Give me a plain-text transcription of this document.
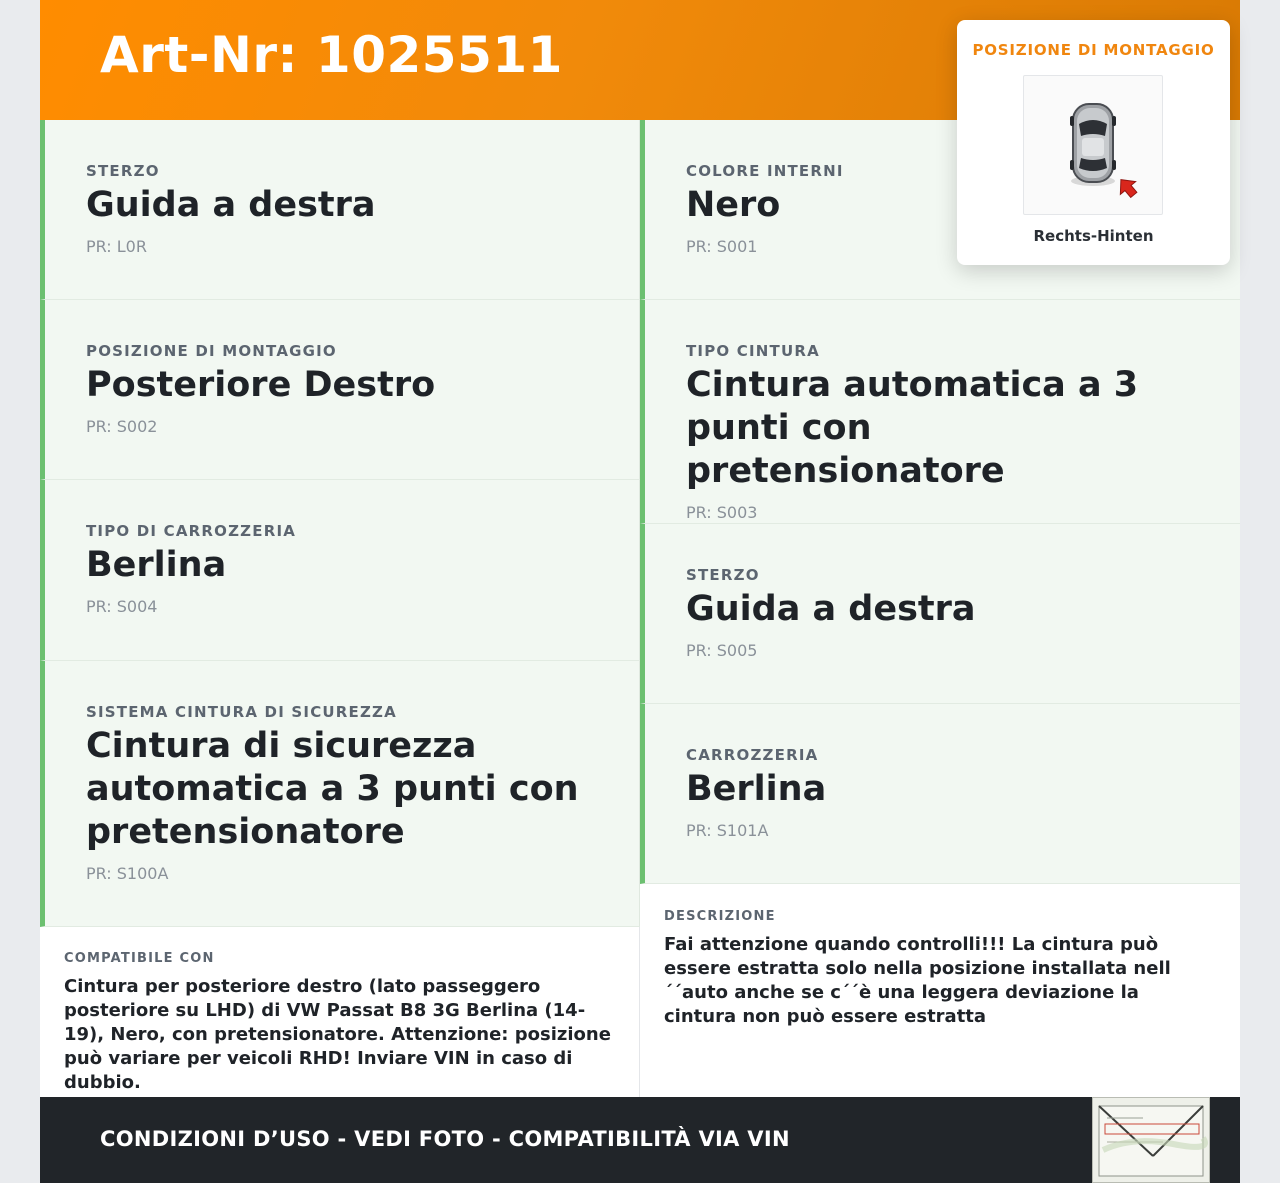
Art-Nr: 1025511
STERZO
Guida a destra
PR: L0R
POSIZIONE DI MONTAGGIO
Posteriore Destro
PR: S002
TIPO DI CARROZZERIA
Berlina
PR: S004
SISTEMA CINTURA DI SICUREZZA
Cintura di sicurezza automatica a 3 punti con pretensionatore
PR: S100A
COLORE INTERNI
Nero
PR: S001
TIPO CINTURA
Cintura automatica a 3 punti con pretensionatore
PR: S003
STERZO
Guida a destra
PR: S005
CARROZZERIA
Berlina
PR: S101A
COMPATIBILE CON
Cintura per posteriore destro (lato passeggero posteriore su LHD) di VW Passat B8 3G Berlina (14-19), Nero, con pretensionatore. Attenzione: posizione può variare per veicoli RHD! Inviare VIN in caso di dubbio.
DESCRIZIONE
Fai attenzione quando controlli!!! La cintura può essere estratta solo nella posizione installata nell´´auto anche se c´´è una leggera deviazione la cintura non può essere estratta
CONDIZIONI D’USO - VEDI FOTO - COMPATIBILITÀ VIA VIN
POSIZIONE DI MONTAGGIO
Rechts-Hinten
